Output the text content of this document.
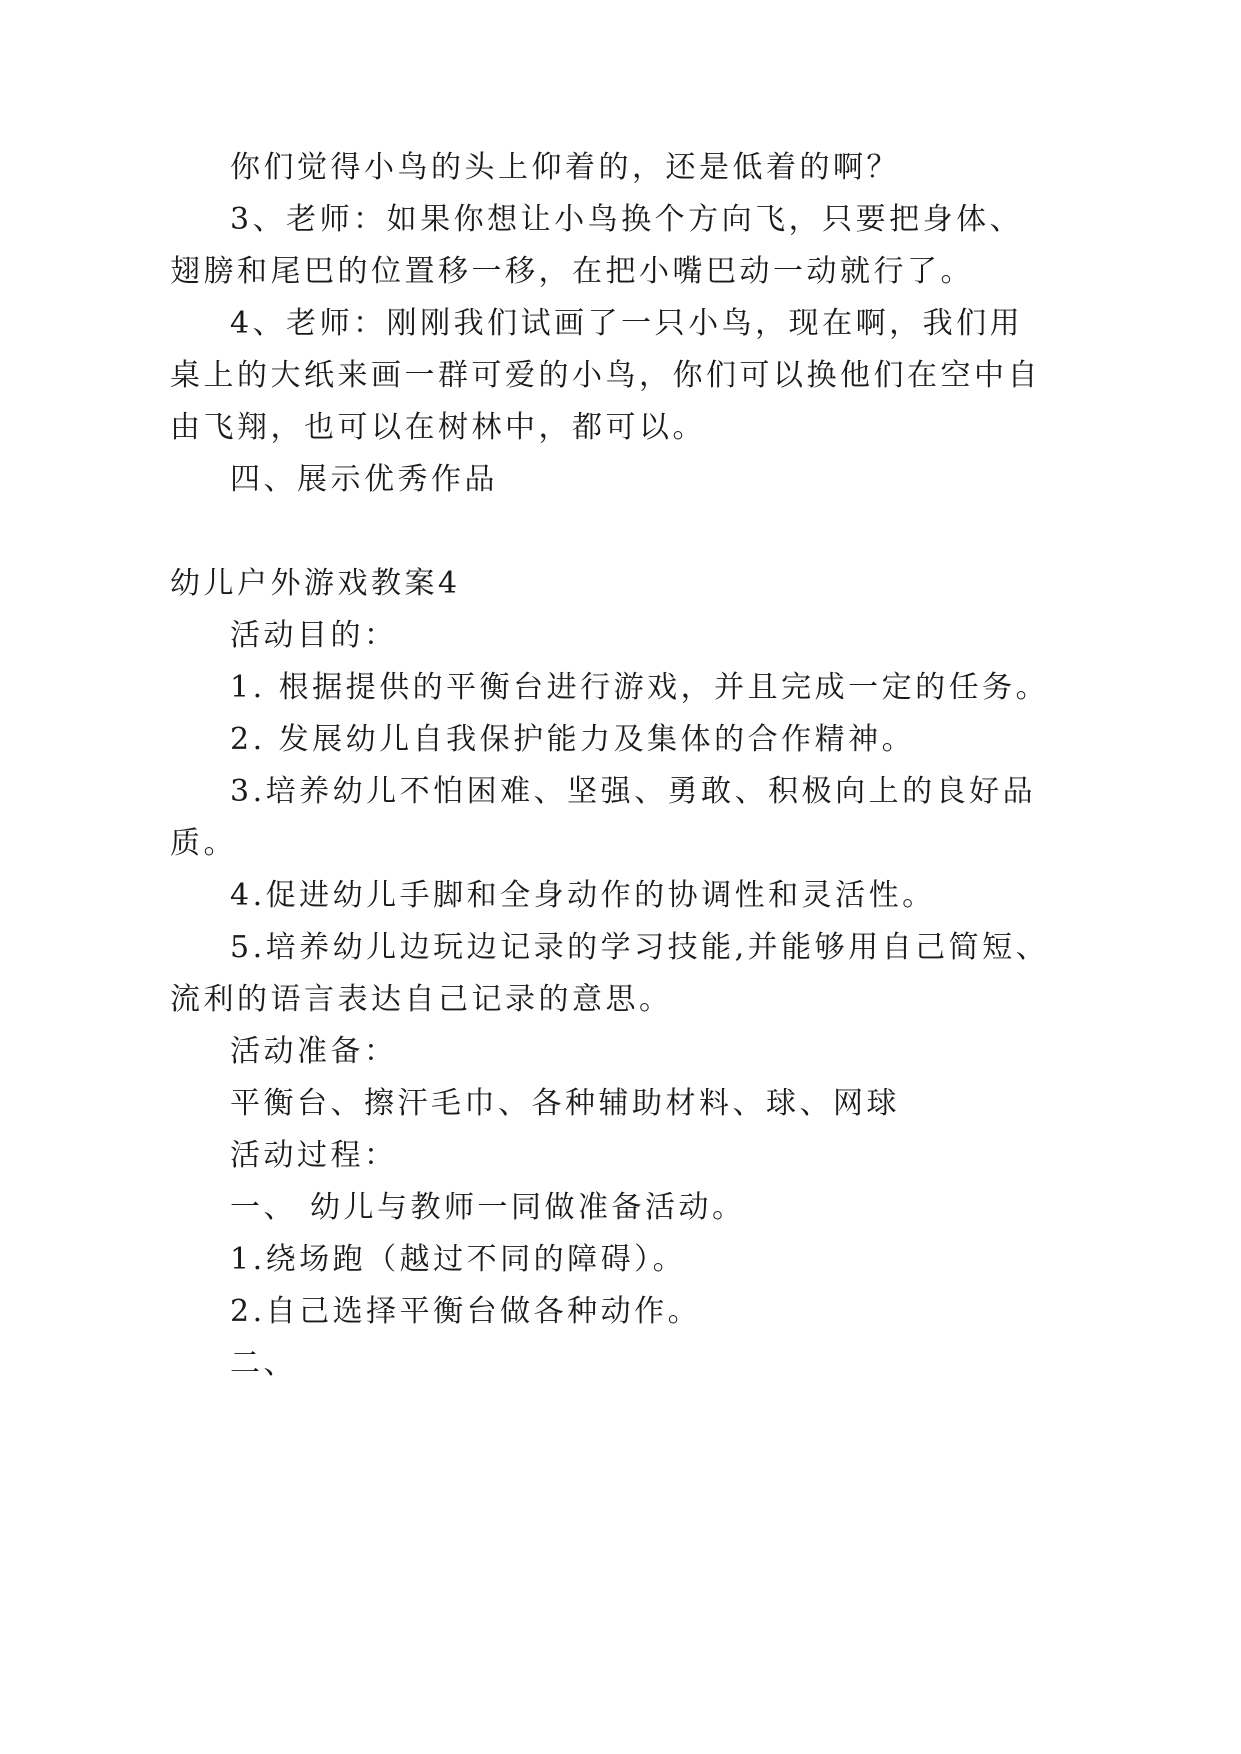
你们觉得小鸟的头上仰着的，还是低着的啊？
3、老师：如果你想让小鸟换个方向飞，只要把身体、
翅膀和尾巴的位置移一移，在把小嘴巴动一动就行了。
4、老师：刚刚我们试画了一只小鸟，现在啊，我们用
桌上的大纸来画一群可爱的小鸟，你们可以换他们在空中自
由飞翔，也可以在树林中，都可以。
四、展示优秀作品
幼儿户外游戏教案4
活动目的：
1. 根据提供的平衡台进行游戏，并且完成一定的任务。
2. 发展幼儿自我保护能力及集体的合作精神。
3.培养幼儿不怕困难、坚强、勇敢、积极向上的良好品
质。
4.促进幼儿手脚和全身动作的协调性和灵活性。
5.培养幼儿边玩边记录的学习技能,并能够用自己简短、
流利的语言表达自己记录的意思。
活动准备：
平衡台、擦汗毛巾、各种辅助材料、球、网球
活动过程：
一、 幼儿与教师一同做准备活动。
1.绕场跑（越过不同的障碍）。
2.自己选择平衡台做各种动作。
二、
